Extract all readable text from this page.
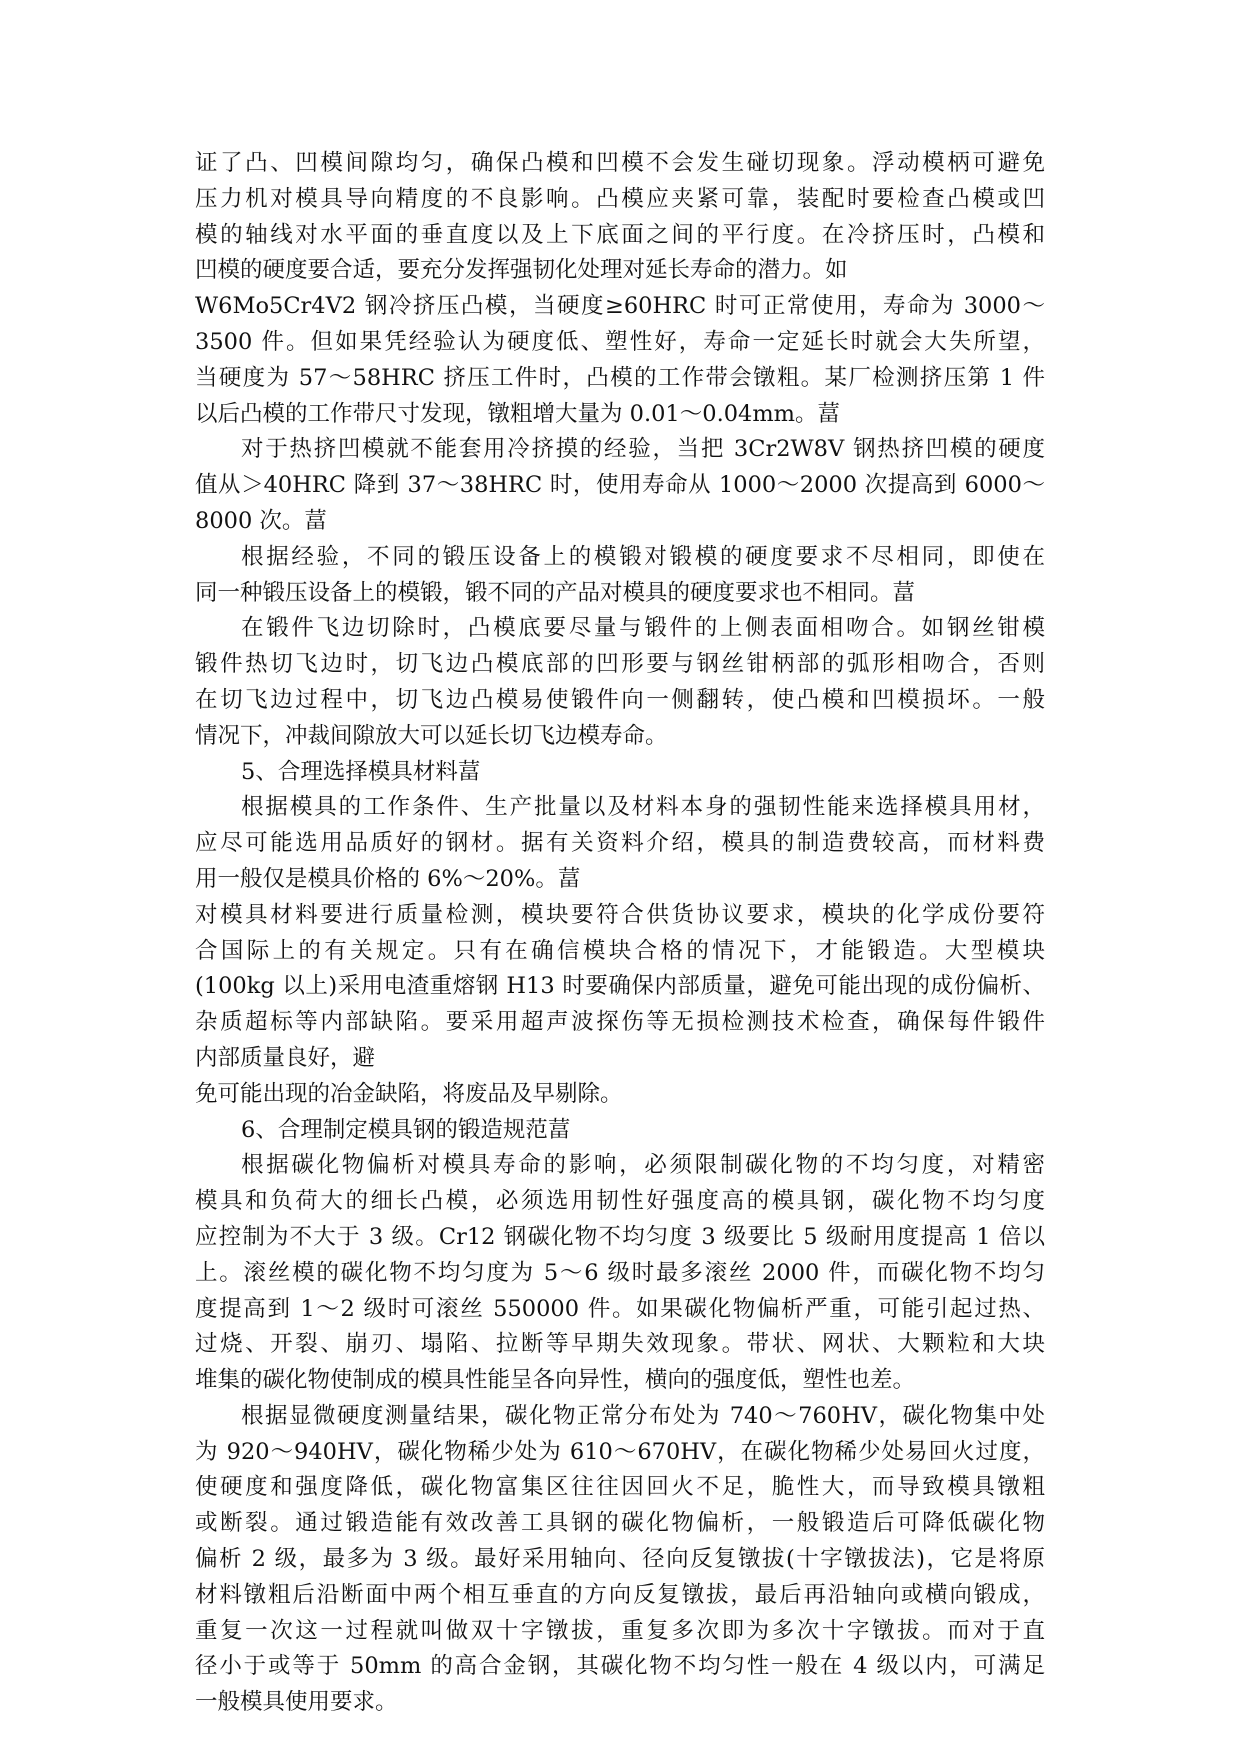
证了凸、凹模间隙均匀，确保凸模和凹模不会发生碰切现象。浮动模柄可避免
压力机对模具导向精度的不良影响。凸模应夹紧可靠，装配时要检查凸模或凹
模的轴线对水平面的垂直度以及上下底面之间的平行度。在冷挤压时，凸模和
凹模的硬度要合适，要充分发挥强韧化处理对延长寿命的潜力。如
W6Mo5Cr4V2 钢冷挤压凸模，当硬度≥60HRC 时可正常使用，寿命为 3000～
3500 件。但如果凭经验认为硬度低、塑性好，寿命一定延长时就会大失所望，
当硬度为 57～58HRC 挤压工件时，凸模的工作带会镦粗。某厂检测挤压第 1 件
以后凸模的工作带尺寸发现，镦粗增大量为 0.01～0.04mm。葍
对于热挤凹模就不能套用冷挤摸的经验，当把 3Cr2W8V 钢热挤凹模的硬度
值从＞40HRC 降到 37～38HRC 时，使用寿命从 1000～2000 次提高到 6000～
8000 次。葍
根据经验，不同的锻压设备上的模锻对锻模的硬度要求不尽相同，即使在
同一种锻压设备上的模锻，锻不同的产品对模具的硬度要求也不相同。葍
在锻件飞边切除时，凸模底要尽量与锻件的上侧表面相吻合。如钢丝钳模
锻件热切飞边时，切飞边凸模底部的凹形要与钢丝钳柄部的弧形相吻合，否则
在切飞边过程中，切飞边凸模易使锻件向一侧翻转，使凸模和凹模损坏。一般
情况下，冲裁间隙放大可以延长切飞边模寿命。
5、合理选择模具材料葍
根据模具的工作条件、生产批量以及材料本身的强韧性能来选择模具用材，
应尽可能选用品质好的钢材。据有关资料介绍，模具的制造费较高，而材料费
用一般仅是模具价格的 6%～20%。葍
对模具材料要进行质量检测，模块要符合供货协议要求，模块的化学成份要符
合国际上的有关规定。只有在确信模块合格的情况下，才能锻造。大型模块
(100kg 以上)采用电渣重熔钢 H13 时要确保内部质量，避免可能出现的成份偏析、
杂质超标等内部缺陷。要采用超声波探伤等无损检测技术检查，确保每件锻件
内部质量良好，避
免可能出现的冶金缺陷，将废品及早剔除。
6、合理制定模具钢的锻造规范葍
根据碳化物偏析对模具寿命的影响，必须限制碳化物的不均匀度，对精密
模具和负荷大的细长凸模，必须选用韧性好强度高的模具钢，碳化物不均匀度
应控制为不大于 3 级。Cr12 钢碳化物不均匀度 3 级要比 5 级耐用度提高 1 倍以
上。滚丝模的碳化物不均匀度为 5～6 级时最多滚丝 2000 件，而碳化物不均匀
度提高到 1～2 级时可滚丝 550000 件。如果碳化物偏析严重，可能引起过热、
过烧、开裂、崩刃、塌陷、拉断等早期失效现象。带状、网状、大颗粒和大块
堆集的碳化物使制成的模具性能呈各向异性，横向的强度低，塑性也差。
根据显微硬度测量结果，碳化物正常分布处为 740～760HV，碳化物集中处
为 920～940HV，碳化物稀少处为 610～670HV，在碳化物稀少处易回火过度，
使硬度和强度降低，碳化物富集区往往因回火不足，脆性大，而导致模具镦粗
或断裂。通过锻造能有效改善工具钢的碳化物偏析，一般锻造后可降低碳化物
偏析 2 级，最多为 3 级。最好采用轴向、径向反复镦拔(十字镦拔法)，它是将原
材料镦粗后沿断面中两个相互垂直的方向反复镦拔，最后再沿轴向或横向锻成，
重复一次这一过程就叫做双十字镦拔，重复多次即为多次十字镦拔。而对于直
径小于或等于 50mm 的高合金钢，其碳化物不均匀性一般在 4 级以内，可满足
一般模具使用要求。
